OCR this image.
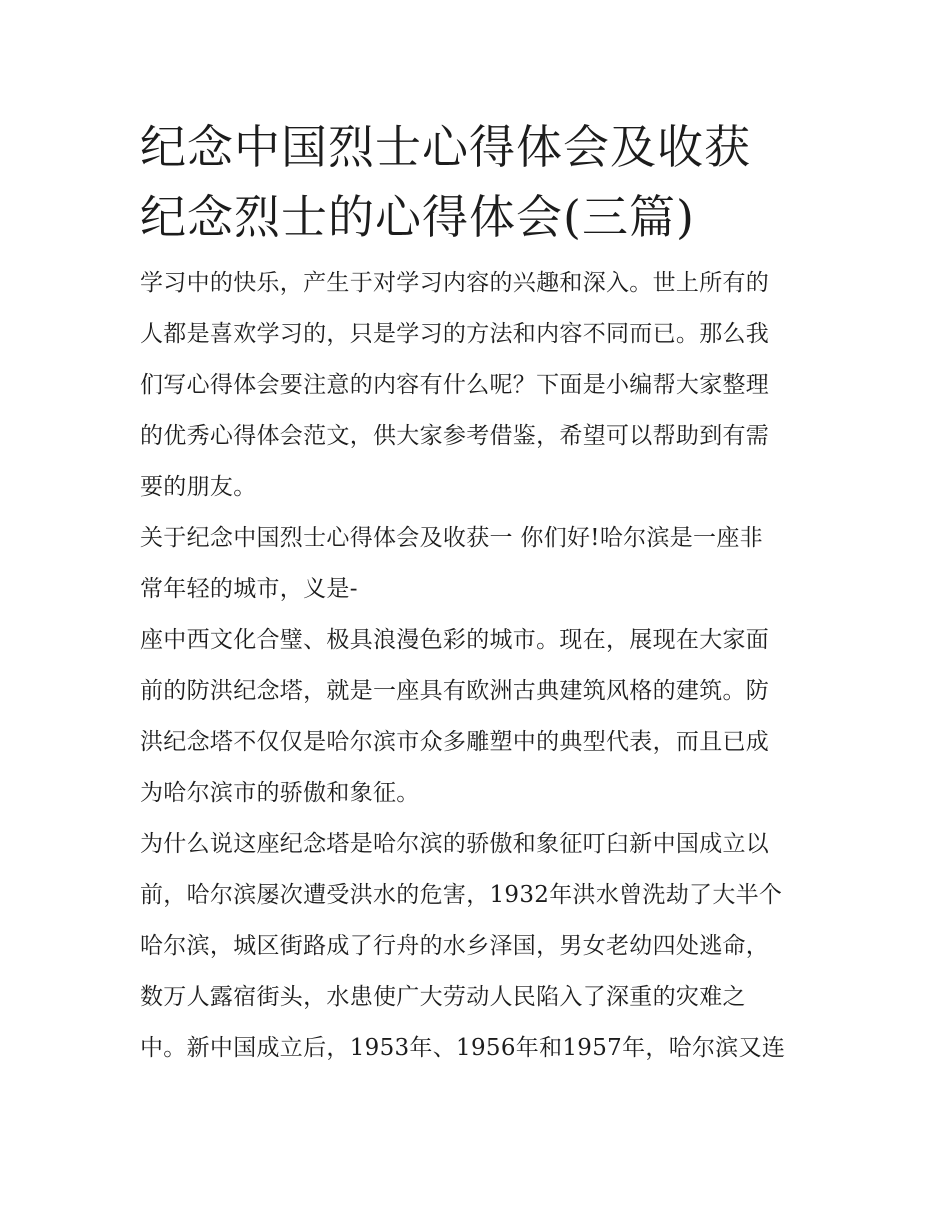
纪念中国烈士心得体会及收获
纪念烈士的心得体会(三篇)
学习中的快乐，产生于对学习内容的兴趣和深入。世上所有的
人都是喜欢学习的，只是学习的方法和内容不同而已。那么我
们写心得体会要注意的内容有什么呢？下面是小编帮大家整理
的优秀心得体会范文，供大家参考借鉴，希望可以帮助到有需
要的朋友。
关于纪念中国烈士心得体会及收获一 你们好!哈尔滨是一座非
常年轻的城市，义是-
座中西文化合璧、极具浪漫色彩的城市。现在，展现在大家面
前的防洪纪念塔，就是一座具有欧洲古典建筑风格的建筑。防
洪纪念塔不仅仅是哈尔滨市众多雕塑中的典型代表，而且已成
为哈尔滨市的骄傲和象征。
为什么说这座纪念塔是哈尔滨的骄傲和象征叮臼新中国成立以
前，哈尔滨屡次遭受洪水的危害，1932年洪水曾洗劫了大半个
哈尔滨，城区街路成了行舟的水乡泽国，男女老幼四处逃命，
数万人露宿街头，水患使广大劳动人民陷入了深重的灾难之
中。新中国成立后，1953年、1956年和1957年，哈尔滨又连
